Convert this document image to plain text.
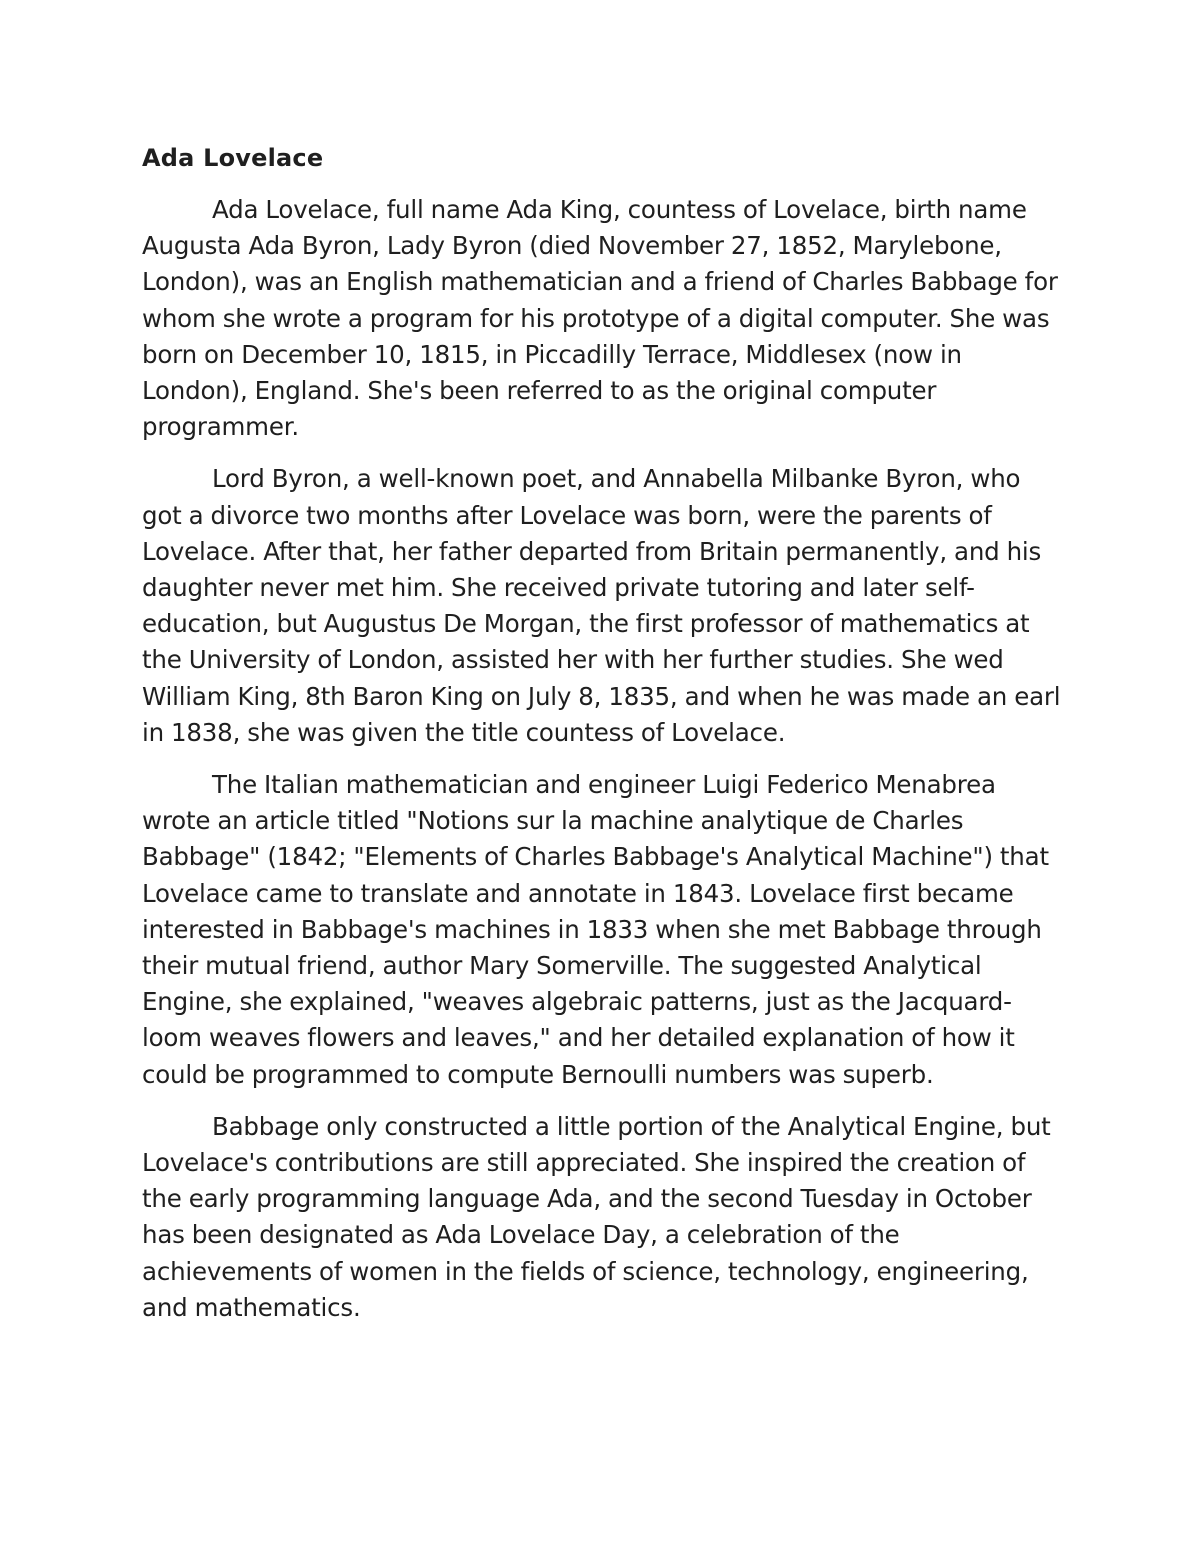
Ada Lovelace

Ada Lovelace, full name Ada King, countess of Lovelace, birth name Augusta Ada Byron, Lady Byron (died November 27, 1852, Marylebone, London), was an English mathematician and a friend of Charles Babbage for whom she wrote a program for his prototype of a digital computer. She was born on December 10, 1815, in Piccadilly Terrace, Middlesex (now in London), England. She's been referred to as the original computer programmer.

Lord Byron, a well-known poet, and Annabella Milbanke Byron, who got a divorce two months after Lovelace was born, were the parents of Lovelace. After that, her father departed from Britain permanently, and his daughter never met him. She received private tutoring and later self-education, but Augustus De Morgan, the first professor of mathematics at the University of London, assisted her with her further studies. She wed William King, 8th Baron King on July 8, 1835, and when he was made an earl in 1838, she was given the title countess of Lovelace.

The Italian mathematician and engineer Luigi Federico Menabrea wrote an article titled "Notions sur la machine analytique de Charles Babbage" (1842; "Elements of Charles Babbage's Analytical Machine") that Lovelace came to translate and annotate in 1843. Lovelace first became interested in Babbage's machines in 1833 when she met Babbage through their mutual friend, author Mary Somerville. The suggested Analytical Engine, she explained, "weaves algebraic patterns, just as the Jacquard-loom weaves flowers and leaves," and her detailed explanation of how it could be programmed to compute Bernoulli numbers was superb.

Babbage only constructed a little portion of the Analytical Engine, but Lovelace's contributions are still appreciated. She inspired the creation of the early programming language Ada, and the second Tuesday in October has been designated as Ada Lovelace Day, a celebration of the achievements of women in the fields of science, technology, engineering, and mathematics.
